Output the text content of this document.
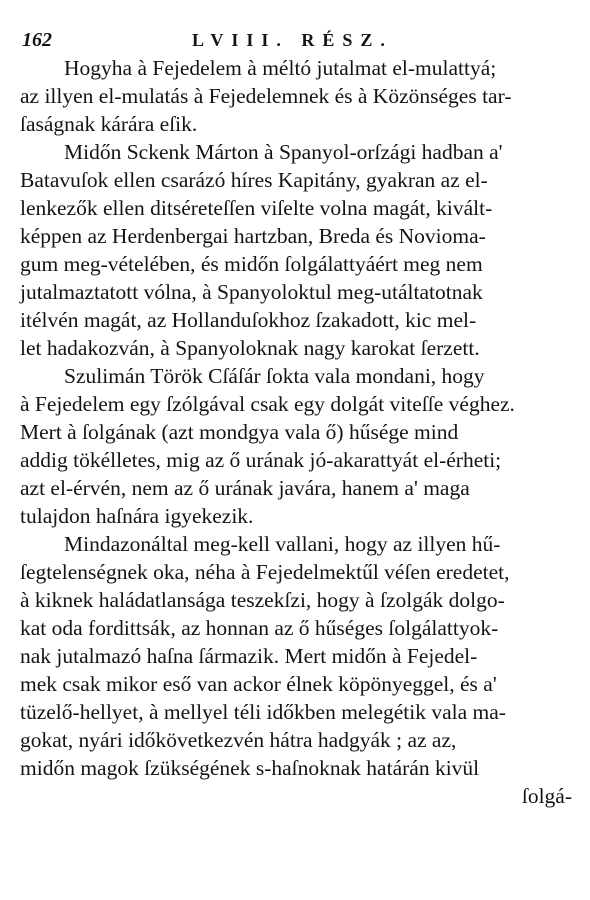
162	LVIII. RÉSZ.
Hogyha à Fejedelem à méltó jutalmat el-mulattyá;
az illyen el-mulatás à Fejedelemnek és à Közönséges tar-
ſaságnak kárára eſik.
Midőn Sckenk Márton à Spanyol-orſzági hadban a'
Batavuſok ellen csarázó híres Kapitány, gyakran az el-
lenkezők ellen ditséreteſſen viſelte volna magát, kivált-
képpen az Herdenbergai hartzban, Breda és Noviomа-
gum meg-vételében, és midőn ſolgálattyáért meg nem
jutalmaztatott vólna, à Spanyoloktul meg-utáltatotnak
itélvén magát, az Hollanduſokhoz ſzakadott, kic mel-
let hadakozván, à Spanyoloknak nagy karokat ſerzett.
Szulimán Török Cſáſár ſokta vala mondani, hogy
à Fejedelem egy ſzólgával csak egy dolgát viteſſe véghez.
Mert à ſolgának (azt mondgya vala ő) hűsége mind
addig tökélletes, mig az ő urának jó-akarattyát el-érheti;
azt el-érvén, nem az ő urának javára, hanem a' maga
tulajdon haſnára igyekezik.
Mindazonáltal meg-kell vallani, hogy az illyen hű-
ſegtelenségnek oka, néha à Fejedelmektűl véſen eredetet,
à kiknek haládatlansága teszekſzi, hogy à ſzolgák dolgo-
kat oda fordittsák, az honnan az ő hűséges ſolgálattyok-
nak jutalmazó haſna ſármazik. Mert midőn à Fejedel-
mek csak mikor eső van ackor élnek köpönyeggel, és a'
tüzelő-hellyet, à mellyel téli időkben melegétik vala ma-
gokat, nyári időkövetkezvén hátra hadgyák ; az az,
midőn magok ſzükségének s-haſnoknak határán kivül
ſolgá-
